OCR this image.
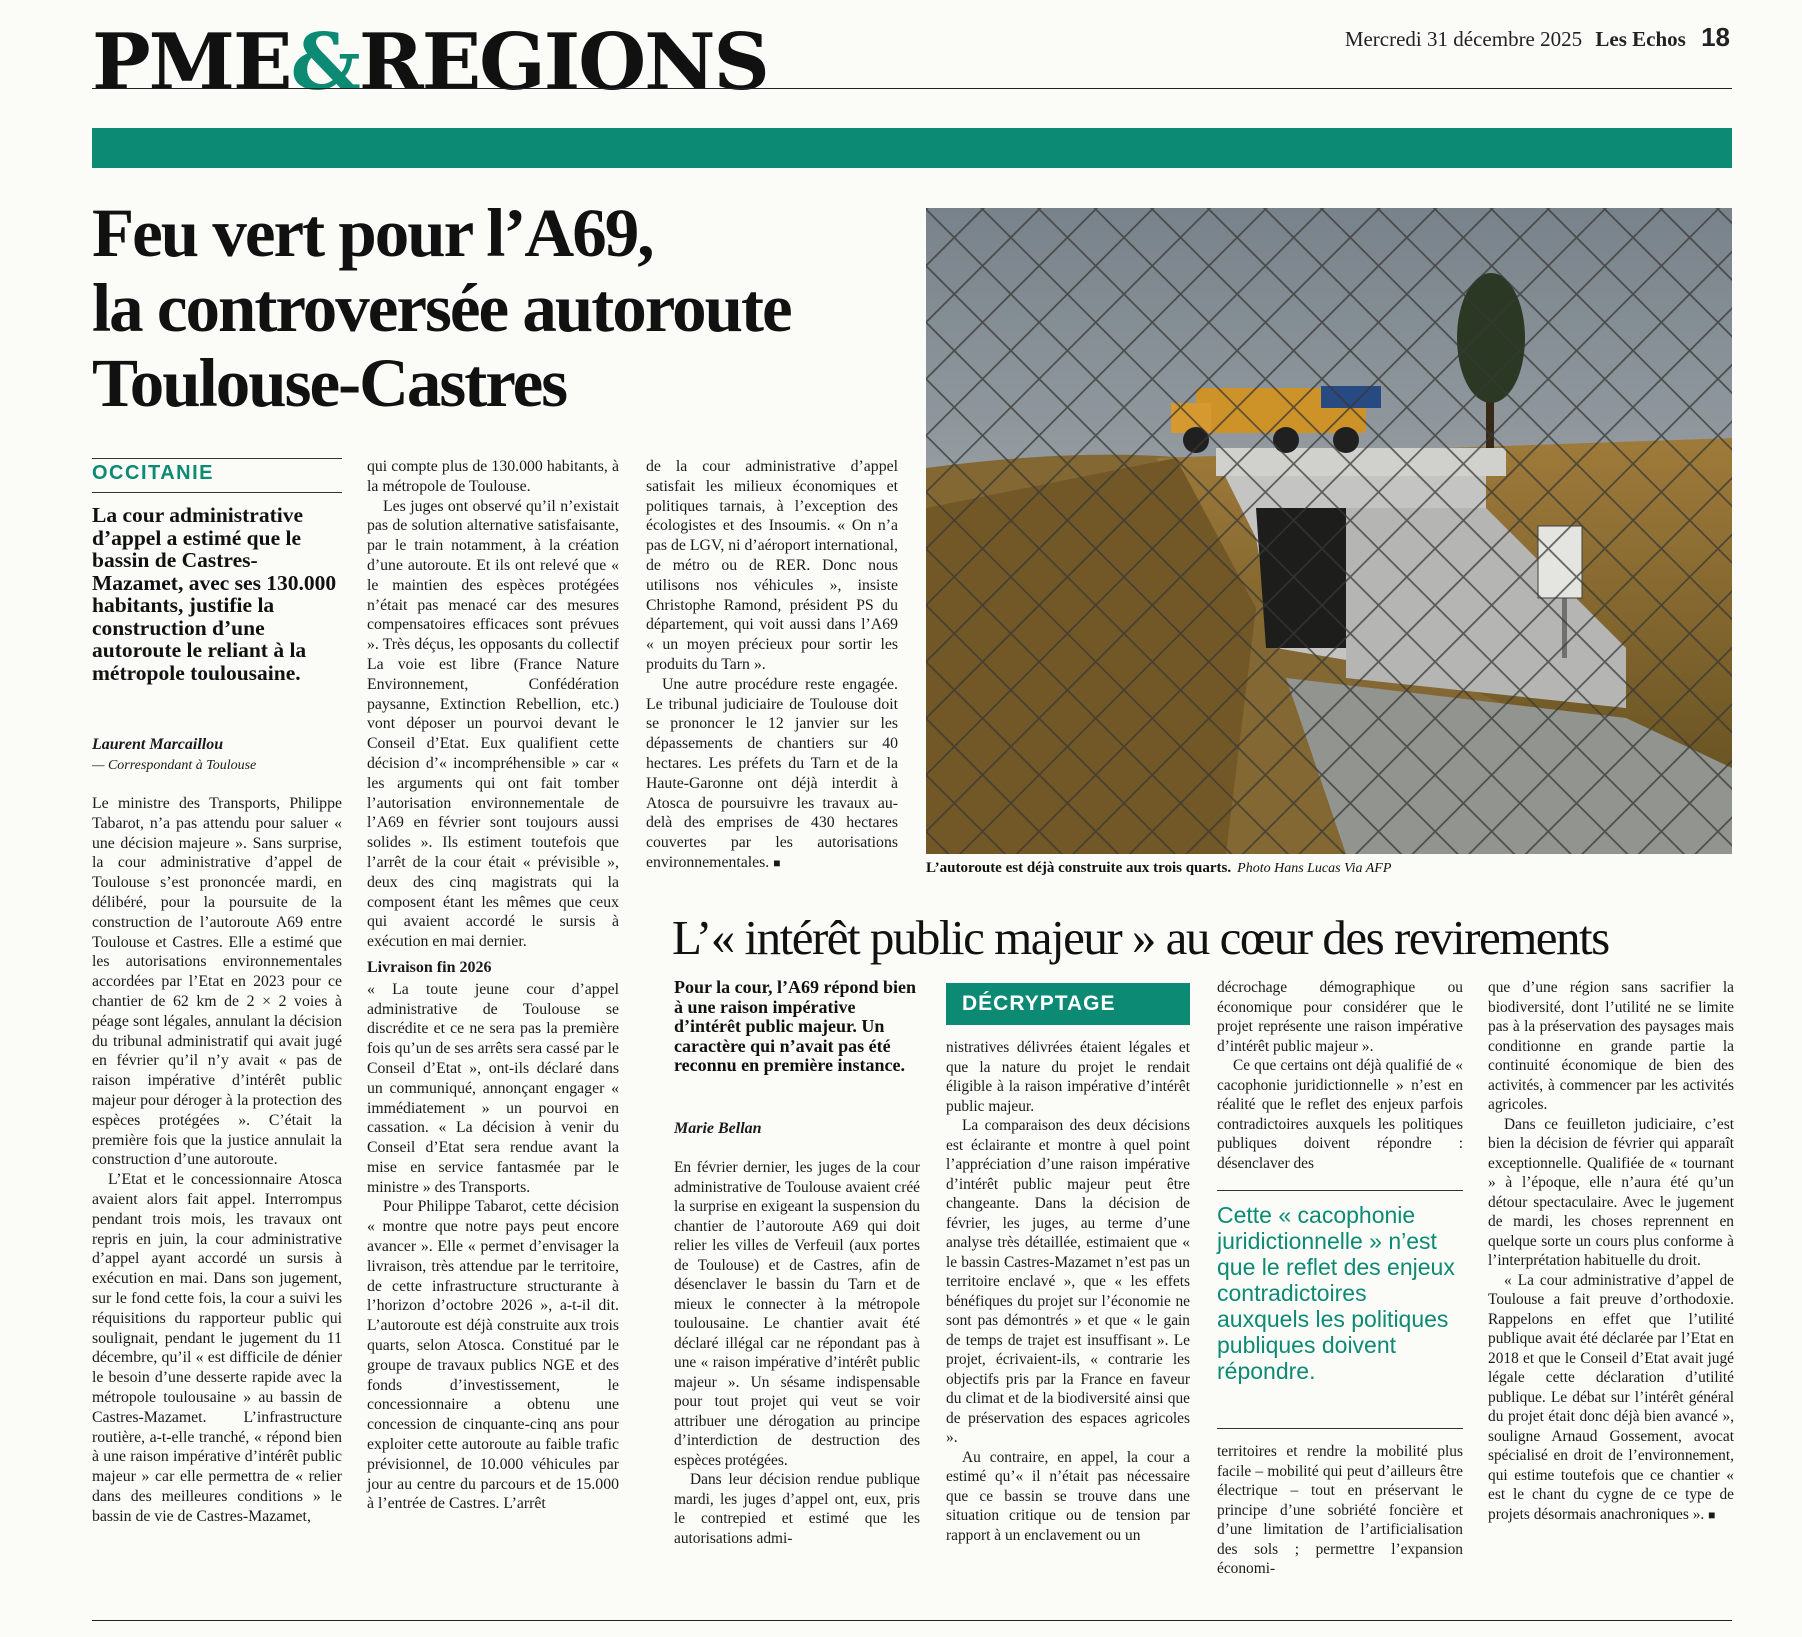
PME&REGIONS	Mercredi 31 décembre 2025 Les Echos 18
Feu vert pour l’A69,
la controversée autoroute
Toulouse-Castres
L’autoroute est déjà construite aux trois quarts. Photo Hans Lucas Via AFP
OCCITANIE
La cour administrative d’appel a estimé que le bassin de Castres-Mazamet, avec ses 130.000 habitants, justifie la construction d’une autoroute le reliant à la métropole toulousaine.
Laurent Marcaillou
— Correspondant à Toulouse

Le ministre des Transports, Philippe Tabarot, n’a pas attendu pour saluer « une décision majeure ». Sans surprise, la cour administrative d’appel de Toulouse s’est prononcée mardi, en délibéré, pour la poursuite de la construction de l’autoroute A69 entre Toulouse et Castres. Elle a estimé que les autorisations environnementales accordées par l’Etat en 2023 pour ce chantier de 62 km de 2 × 2 voies à péage sont légales, annulant la décision du tribunal administratif qui avait jugé en février qu’il n’y avait « pas de raison impérative d’intérêt public majeur pour déroger à la protection des espèces protégées ». C’était la première fois que la justice annulait la construction d’une autoroute.

L’Etat et le concessionnaire Atosca avaient alors fait appel. Interrompus pendant trois mois, les travaux ont repris en juin, la cour administrative d’appel ayant accordé un sursis à exécution en mai. Dans son jugement, sur le fond cette fois, la cour a suivi les réquisitions du rapporteur public qui soulignait, pendant le jugement du 11 décembre, qu’il « est difficile de dénier le besoin d’une desserte rapide avec la métropole toulousaine » au bassin de Castres-Mazamet. L’infrastructure routière, a-t-elle tranché, « répond bien à une raison impérative d’intérêt public majeur » car elle permettra de « relier dans des meilleures conditions » le bassin de vie de Castres-Mazamet,

qui compte plus de 130.000 habitants, à la métropole de Toulouse.

Les juges ont observé qu’il n’existait pas de solution alternative satisfaisante, par le train notamment, à la création d’une autoroute. Et ils ont relevé que « le maintien des espèces protégées n’était pas menacé car des mesures compensatoires efficaces sont prévues ». Très déçus, les opposants du collectif La voie est libre (France Nature Environnement, Confédération paysanne, Extinction Rebellion, etc.) vont déposer un pourvoi devant le Conseil d’Etat. Eux qualifient cette décision d’« incompréhensible » car « les arguments qui ont fait tomber l’autorisation environnementale de l’A69 en février sont toujours aussi solides ». Ils estiment toutefois que l’arrêt de la cour était « prévisible », deux des cinq magistrats qui la composent étant les mêmes que ceux qui avaient accordé le sursis à exécution en mai dernier.

Livraison fin 2026

« La toute jeune cour d’appel administrative de Toulouse se discrédite et ce ne sera pas la première fois qu’un de ses arrêts sera cassé par le Conseil d’Etat », ont-ils déclaré dans un communiqué, annonçant engager « immédiatement » un pourvoi en cassation. « La décision à venir du Conseil d’Etat sera rendue avant la mise en service fantasmée par le ministre » des Transports.

Pour Philippe Tabarot, cette décision « montre que notre pays peut encore avancer ». Elle « permet d’envisager la livraison, très attendue par le territoire, de cette infrastructure structurante à l’horizon d’octobre 2026 », a-t-il dit. L’autoroute est déjà construite aux trois quarts, selon Atosca. Constitué par le groupe de travaux publics NGE et des fonds d’investissement, le concessionnaire a obtenu une concession de cinquante-cinq ans pour exploiter cette autoroute au faible trafic prévisionnel, de 10.000 véhicules par jour au centre du parcours et de 15.000 à l’entrée de Castres. L’arrêt

de la cour administrative d’appel satisfait les milieux économiques et politiques tarnais, à l’exception des écologistes et des Insoumis. « On n’a pas de LGV, ni d’aéroport international, de métro ou de RER. Donc nous utilisons nos véhicules », insiste Christophe Ramond, président PS du département, qui voit aussi dans l’A69 « un moyen précieux pour sortir les produits du Tarn ».

Une autre procédure reste engagée. Le tribunal judiciaire de Toulouse doit se prononcer le 12 janvier sur les dépassements de chantiers sur 40 hectares. Les préfets du Tarn et de la Haute-Garonne ont déjà interdit à Atosca de poursuivre les travaux au-delà des emprises de 430 hectares couvertes par les autorisations environnementales. ■

L’« intérêt public majeur » au cœur des revirements
Pour la cour, l’A69 répond bien à une raison impérative d’intérêt public majeur. Un caractère qui n’avait pas été reconnu en première instance.
Marie Bellan

En février dernier, les juges de la cour administrative de Toulouse avaient créé la surprise en exigeant la suspension du chantier de l’autoroute A69 qui doit relier les villes de Verfeuil (aux portes de Toulouse) et de Castres, afin de désenclaver le bassin du Tarn et de mieux le connecter à la métropole toulousaine. Le chantier avait été déclaré illégal car ne répondant pas à une « raison impérative d’intérêt public majeur ». Un sésame indispensable pour tout projet qui veut se voir attribuer une dérogation au principe d’interdiction de destruction des espèces protégées.

Dans leur décision rendue publique mardi, les juges d’appel ont, eux, pris le contrepied et estimé que les autorisations admi-

DÉCRYPTAGE

nistratives délivrées étaient légales et que la nature du projet le rendait éligible à la raison impérative d’intérêt public majeur.

La comparaison des deux décisions est éclairante et montre à quel point l’appréciation d’une raison impérative d’intérêt public majeur peut être changeante. Dans la décision de février, les juges, au terme d’une analyse très détaillée, estimaient que « le bassin Castres-Mazamet n’est pas un territoire enclavé », que « les effets bénéfiques du projet sur l’économie ne sont pas démontrés » et que « le gain de temps de trajet est insuffisant ». Le projet, écrivaient-ils, « contrarie les objectifs pris par la France en faveur du climat et de la biodiversité ainsi que de préservation des espaces agricoles ».

Au contraire, en appel, la cour a estimé qu’« il n’était pas nécessaire que ce bassin se trouve dans une situation critique ou de tension par rapport à un enclavement ou un

décrochage démographique ou économique pour considérer que le projet représente une raison impérative d’intérêt public majeur ».

Ce que certains ont déjà qualifié de « cacophonie juridictionnelle » n’est en réalité que le reflet des enjeux parfois contradictoires auxquels les politiques publiques doivent répondre : désenclaver des

Cette « cacophonie juridictionnelle » n’est que le reflet des enjeux contradictoires auxquels les politiques publiques doivent répondre.

territoires et rendre la mobilité plus facile – mobilité qui peut d’ailleurs être électrique – tout en préservant le principe d’une sobriété foncière et d’une limitation de l’artificialisation des sols ; permettre l’expansion économi-

que d’une région sans sacrifier la biodiversité, dont l’utilité ne se limite pas à la préservation des paysages mais conditionne en grande partie la continuité économique de bien des activités, à commencer par les activités agricoles.

Dans ce feuilleton judiciaire, c’est bien la décision de février qui apparaît exceptionnelle. Qualifiée de « tournant » à l’époque, elle n’aura été qu’un détour spectaculaire. Avec le jugement de mardi, les choses reprennent en quelque sorte un cours plus conforme à l’interprétation habituelle du droit.

« La cour administrative d’appel de Toulouse a fait preuve d’orthodoxie. Rappelons en effet que l’utilité publique avait été déclarée par l’Etat en 2018 et que le Conseil d’Etat avait jugé légale cette déclaration d’utilité publique. Le débat sur l’intérêt général du projet était donc déjà bien avancé », souligne Arnaud Gossement, avocat spécialisé en droit de l’environnement, qui estime toutefois que ce chantier « est le chant du cygne de ce type de projets désormais anachroniques ». ■
